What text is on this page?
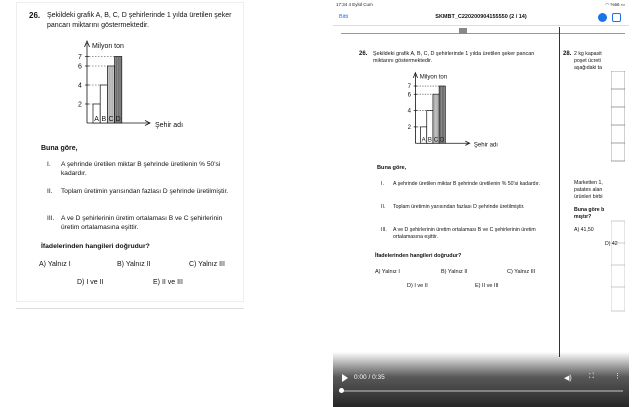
26. Şekildeki grafik A, B, C, D şehirlerinde 1 yılda üretilen şeker pancarı miktarını göstermektedir.
Milyon ton
Şehir adı
2
4
6
7
A B C D
Buna göre,
I. A şehrinde üretilen miktar B şehrinde üretilenin % 50'si kadardır.
II. Toplam üretimin yarısından fazlası D şehrinde üretilmiştir.
III. A ve D şehirlerinin üretim ortalaması B ve C şehirlerinin üretim ortalamasına eşittir.
İfadelerinden hangileri doğrudur?
A) Yalnız I	B) Yalnız II	C) Yalnız III
D) I ve II	E) II ve III
17:34 4 Eylül Cum	◠ %66 ▭
Bitti	SKMBT_C220200904155550 (2 / 14)
26. Şekildeki grafik A, B, C, D şehirlerinde 1 yılda üretilen şeker pancarı miktarını göstermektedir.
Milyon ton
Şehir adı
2
4
6
7
A B C D
Buna göre,
I. A şehrinde üretilen miktar B şehrinde üretilenin % 50'si kadardır.
II. Toplam üretimin yarısından fazlası D şehrinde üretilmiştir.
III. A ve D şehirlerinin üretim ortalaması B ve C şehirlerinin üretim ortalamasına eşittir.
İfadelerinden hangileri doğrudur?
A) Yalnız I	B) Yalnız II	C) Yalnız III
D) I ve II	E) II ve III
28. 2 kg kapasit
poşet ücreti
aşağıdaki ta
Marketten 1,
patates alan
ürünleri birbi
Buna göre b
mıştır?
A) 41,50
D) 42
0:00 / 0:35	◀) ⛶	⋮
